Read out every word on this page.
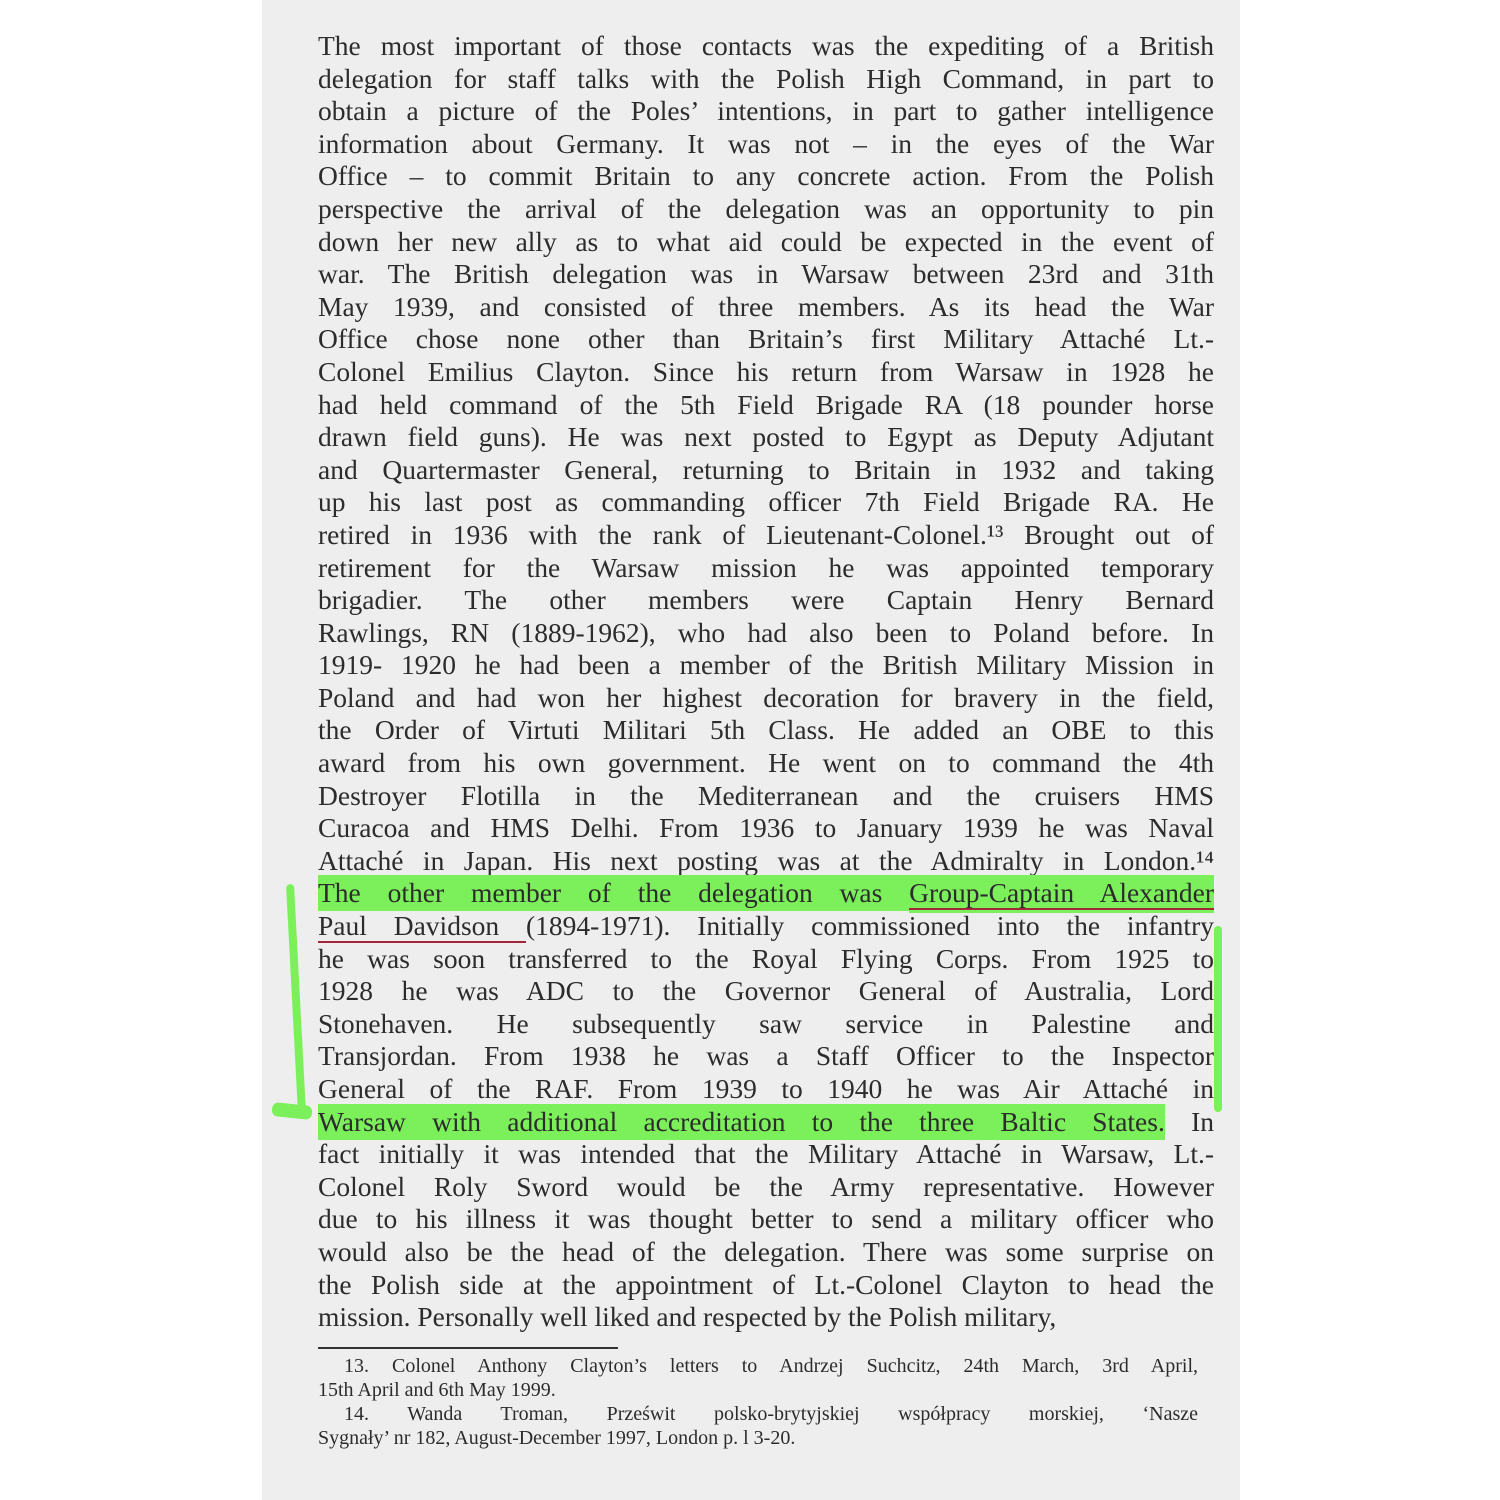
The most important of those contacts was the expediting of a British
delegation for staff talks with the Polish High Command, in part to
obtain a picture of the Poles’ intentions, in part to gather intelligence
information about Germany. It was not – in the eyes of the War
Office – to commit Britain to any concrete action. From the Polish
perspective the arrival of the delegation was an opportunity to pin
down her new ally as to what aid could be expected in the event of
war. The British delegation was in Warsaw between 23rd and 31th
May 1939, and consisted of three members. As its head the War
Office chose none other than Britain’s first Military Attaché Lt.-
Colonel Emilius Clayton. Since his return from Warsaw in 1928 he
had held command of the 5th Field Brigade RA (18 pounder horse
drawn field guns). He was next posted to Egypt as Deputy Adjutant
and Quartermaster General, returning to Britain in 1932 and taking
up his last post as commanding officer 7th Field Brigade RA. He
retired in 1936 with the rank of Lieutenant-Colonel.¹³ Brought out of
retirement for the Warsaw mission he was appointed temporary
brigadier. The other members were Captain Henry Bernard
Rawlings, RN (1889-1962), who had also been to Poland before. In
1919- 1920 he had been a member of the British Military Mission in
Poland and had won her highest decoration for bravery in the field,
the Order of Virtuti Militari 5th Class. He added an OBE to this
award from his own government. He went on to command the 4th
Destroyer Flotilla in the Mediterranean and the cruisers HMS
Curacoa and HMS Delhi. From 1936 to January 1939 he was Naval
Attaché in Japan. His next posting was at the Admiralty in London.¹⁴
The other member of the delegation was Group-Captain Alexander
Paul Davidson (1894-1971). Initially commissioned into the infantry
he was soon transferred to the Royal Flying Corps. From 1925 to
1928 he was ADC to the Governor General of Australia, Lord
Stonehaven. He subsequently saw service in Palestine and
Transjordan. From 1938 he was a Staff Officer to the Inspector
General of the RAF. From 1939 to 1940 he was Air Attaché in
Warsaw with additional accreditation to the three Baltic States. In
fact initially it was intended that the Military Attaché in Warsaw, Lt.-
Colonel Roly Sword would be the Army representative. However
due to his illness it was thought better to send a military officer who
would also be the head of the delegation. There was some surprise on
the Polish side at the appointment of Lt.-Colonel Clayton to head the
mission. Personally well liked and respected by the Polish military,
13. Colonel Anthony Clayton’s letters to Andrzej Suchcitz, 24th March, 3rd April,
15th April and 6th May 1999.
14. Wanda Troman, Prześwit polsko-brytyjskiej współpracy morskiej, ‘Nasze
Sygnały’ nr 182, August-December 1997, London p. l 3-20.
